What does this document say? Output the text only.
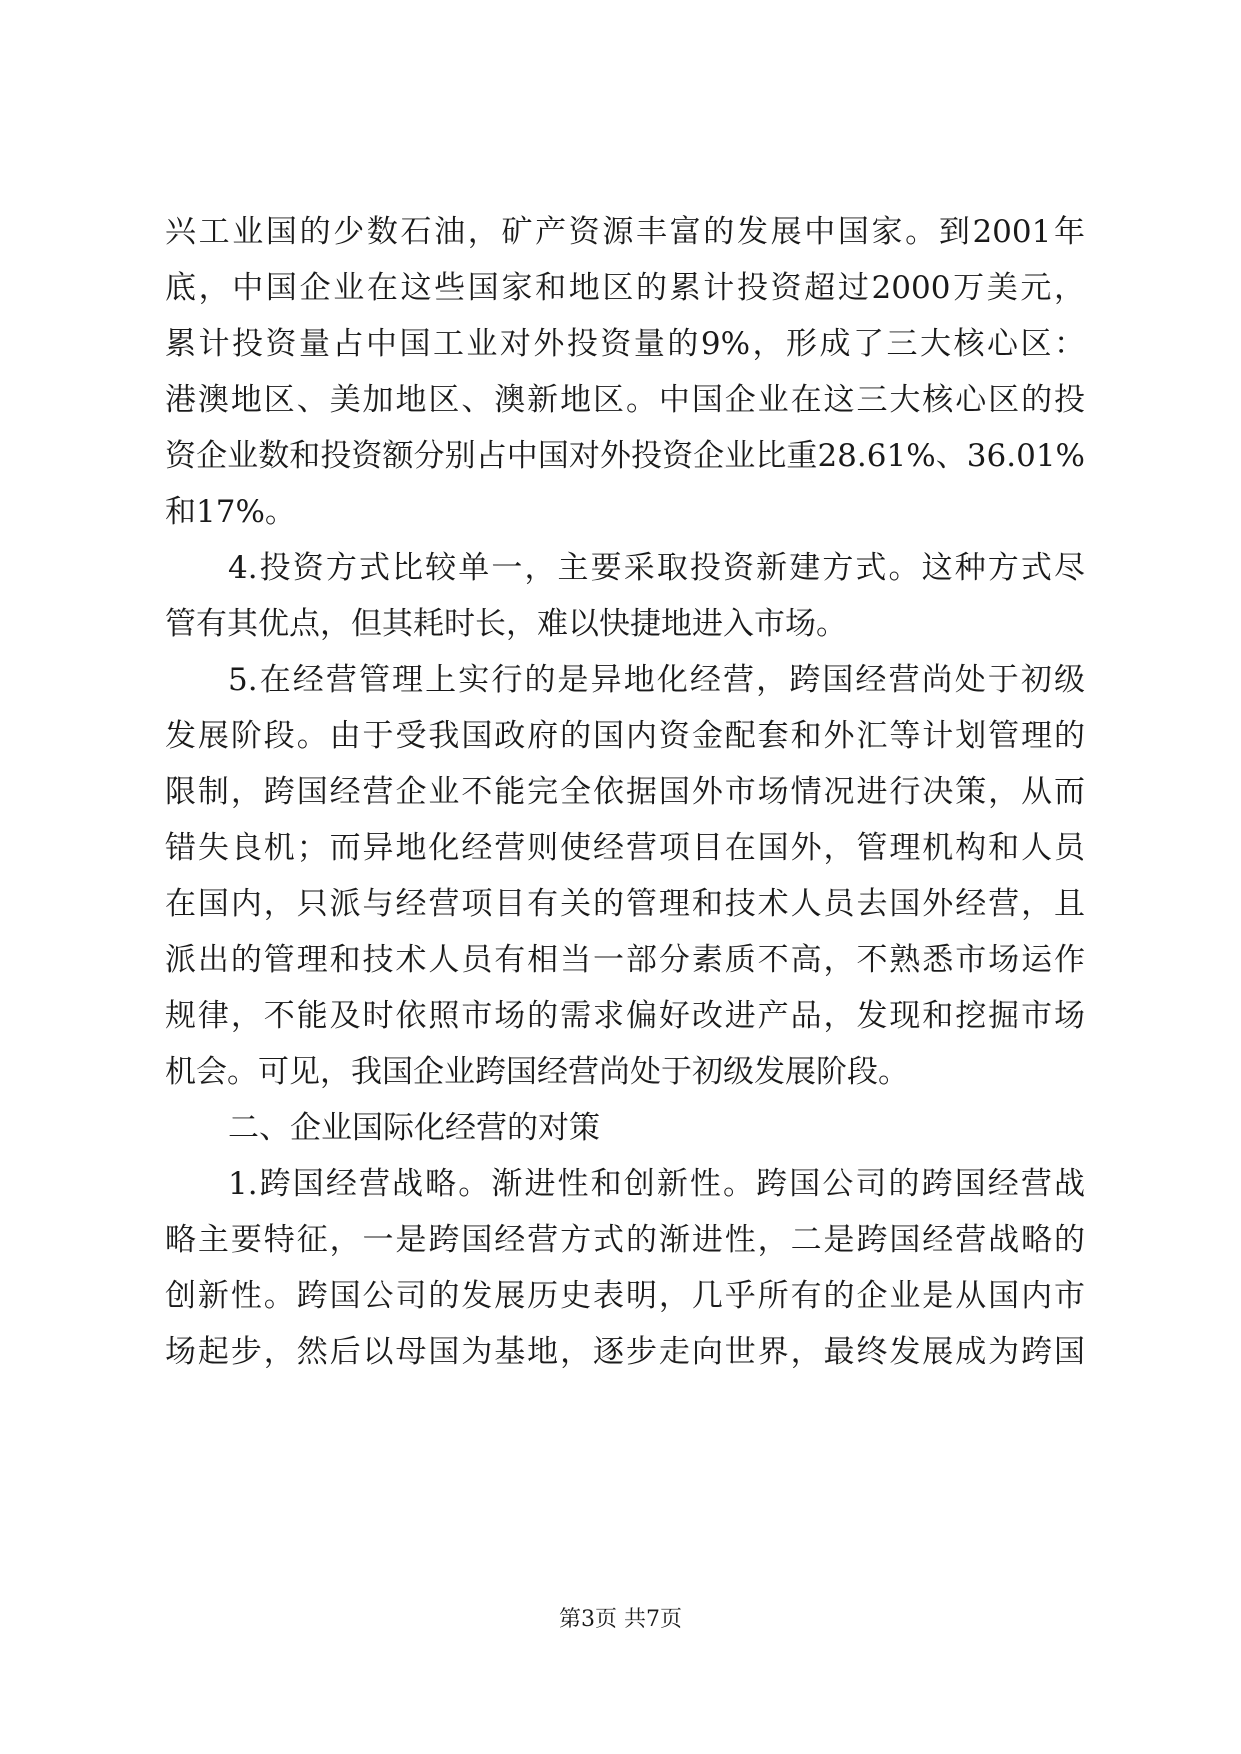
兴工业国的少数石油，矿产资源丰富的发展中国家。到2001年
底，中国企业在这些国家和地区的累计投资超过2000万美元，
累计投资量占中国工业对外投资量的9%，形成了三大核心区：
港澳地区、美加地区、澳新地区。中国企业在这三大核心区的投
资企业数和投资额分别占中国对外投资企业比重28.61%、36.01%
和17%。
4.投资方式比较单一，主要采取投资新建方式。这种方式尽
管有其优点，但其耗时长，难以快捷地进入市场。
5.在经营管理上实行的是异地化经营，跨国经营尚处于初级
发展阶段。由于受我国政府的国内资金配套和外汇等计划管理的
限制，跨国经营企业不能完全依据国外市场情况进行决策，从而
错失良机；而异地化经营则使经营项目在国外，管理机构和人员
在国内，只派与经营项目有关的管理和技术人员去国外经营，且
派出的管理和技术人员有相当一部分素质不高，不熟悉市场运作
规律，不能及时依照市场的需求偏好改进产品，发现和挖掘市场
机会。可见，我国企业跨国经营尚处于初级发展阶段。
二、企业国际化经营的对策
1.跨国经营战略。渐进性和创新性。跨国公司的跨国经营战
略主要特征，一是跨国经营方式的渐进性，二是跨国经营战略的
创新性。跨国公司的发展历史表明，几乎所有的企业是从国内市
场起步，然后以母国为基地，逐步走向世界，最终发展成为跨国
第3页 共7页
